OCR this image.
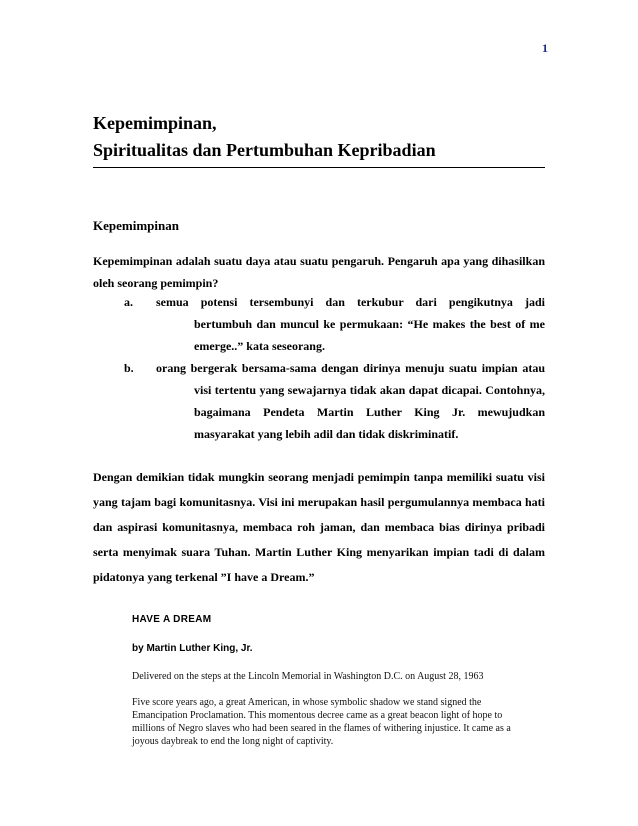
1
Kepemimpinan,
Spiritualitas dan Pertumbuhan Kepribadian
Kepemimpinan
Kepemimpinan adalah suatu daya atau suatu pengaruh. Pengaruh apa yang dihasilkan oleh seorang pemimpin?
a.	semua potensi tersembunyi dan terkubur dari pengikutnya jadi
bertumbuh dan muncul ke permukaan: “He makes the best of me emerge..” kata seseorang.
b.	orang bergerak bersama-sama dengan dirinya menuju suatu impian atau
visi tertentu yang sewajarnya tidak akan dapat dicapai. Contohnya, bagaimana Pendeta Martin Luther King Jr. mewujudkan masyarakat yang lebih adil dan tidak diskriminatif.
Dengan demikian tidak mungkin seorang menjadi pemimpin tanpa memiliki suatu visi yang tajam bagi komunitasnya. Visi ini merupakan hasil pergumulannya membaca hati dan aspirasi komunitasnya, membaca roh jaman, dan membaca bias dirinya pribadi serta menyimak suara Tuhan. Martin Luther King menyarikan impian tadi di dalam pidatonya yang terkenal ”I have a Dream.”
HAVE A DREAM
by Martin Luther King, Jr.
Delivered on the steps at the Lincoln Memorial in Washington D.C. on August 28, 1963
Five score years ago, a great American, in whose symbolic shadow we stand signed the Emancipation Proclamation. This momentous decree came as a great beacon light of hope to millions of Negro slaves who had been seared in the flames of withering injustice. It came as a joyous daybreak to end the long night of captivity.
